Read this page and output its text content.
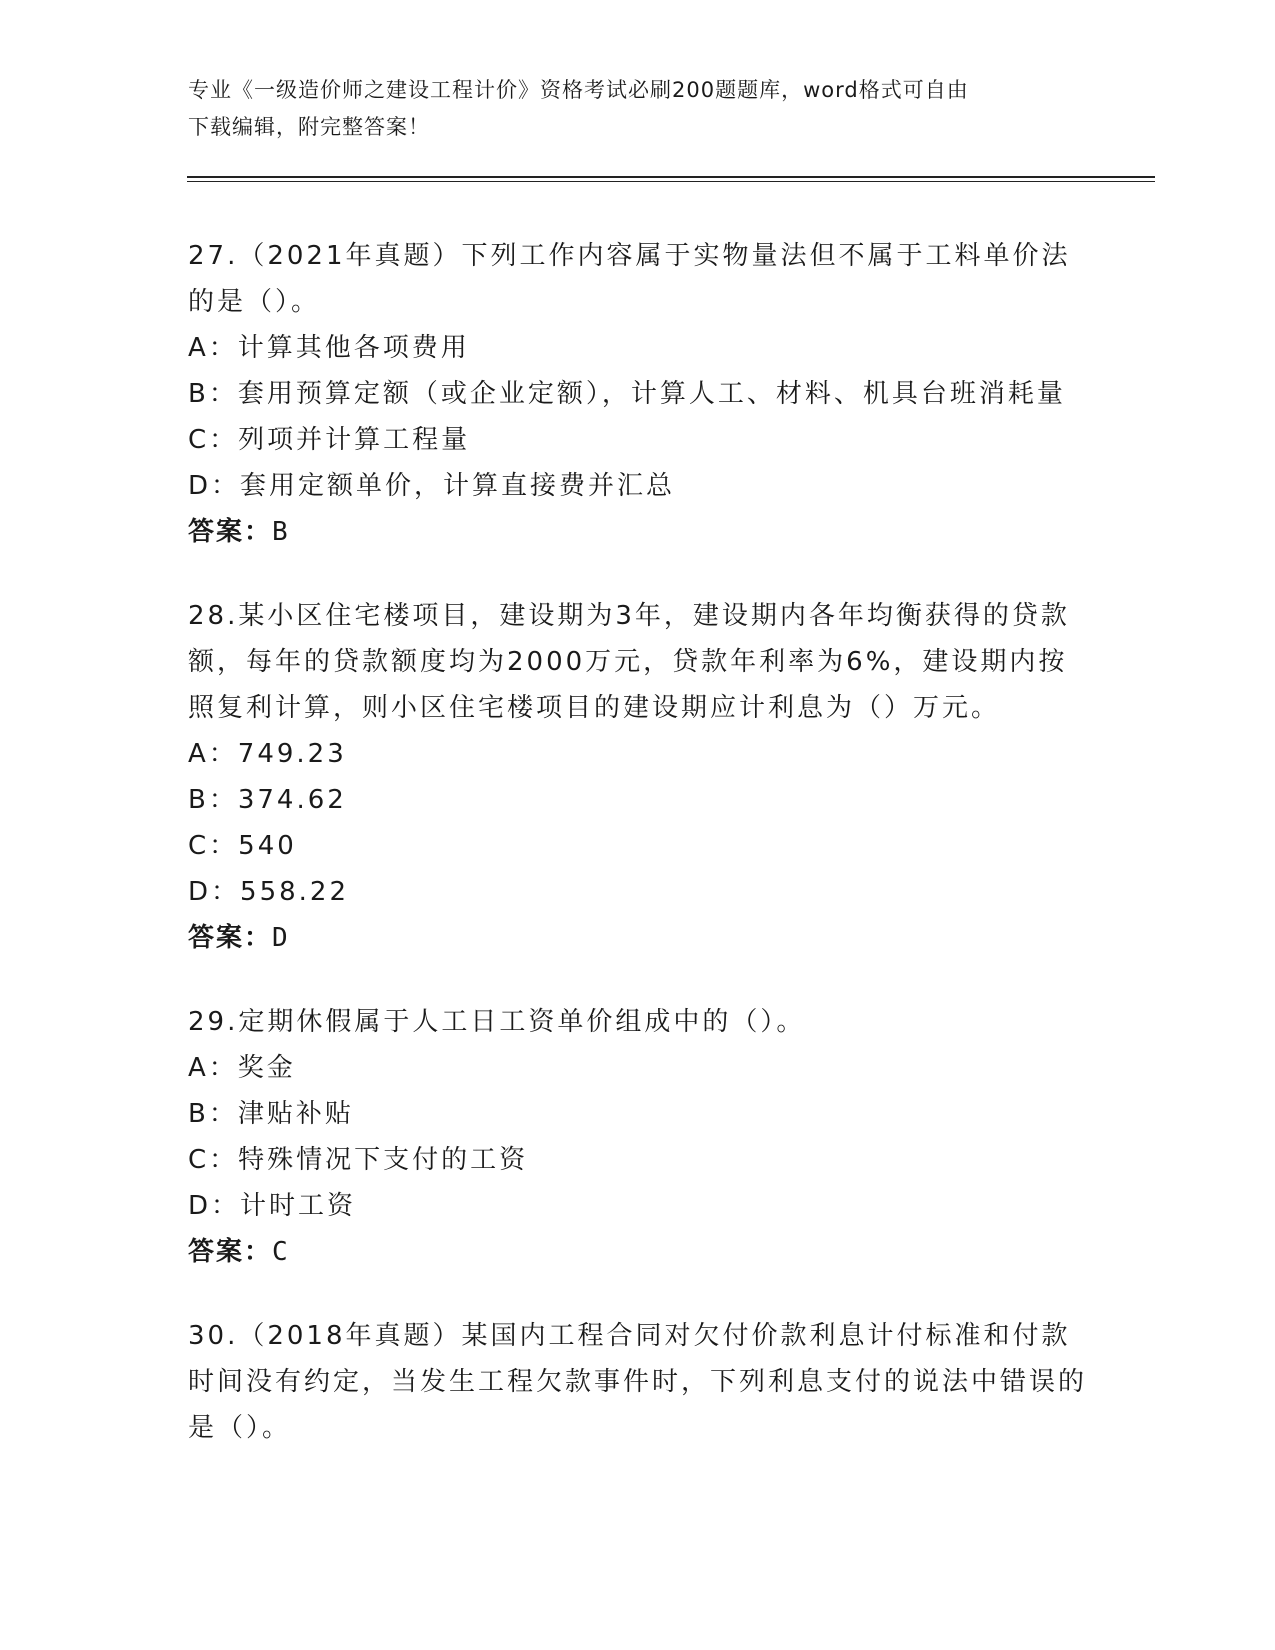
专业《一级造价师之建设工程计价》资格考试必刷200题题库，word格式可自由
下载编辑，附完整答案！

27.（2021年真题）下列工作内容属于实物量法但不属于工料单价法的是（）。

A：计算其他各项费用

B：套用预算定额（或企业定额），计算人工、材料、机具台班消耗量

C：列项并计算工程量

D：套用定额单价，计算直接费并汇总

答案：B

28.某小区住宅楼项目，建设期为3年，建设期内各年均衡获得的贷款额，每年的贷款额度均为2000万元，贷款年利率为6%，建设期内按照复利计算，则小区住宅楼项目的建设期应计利息为（）万元。

A：749.23

B：374.62

C：540

D：558.22

答案：D

29.定期休假属于人工日工资单价组成中的（）。

A：奖金

B：津贴补贴

C：特殊情况下支付的工资

D：计时工资

答案：C

30.（2018年真题）某国内工程合同对欠付价款利息计付标准和付款时间没有约定，当发生工程欠款事件时，下列利息支付的说法中错误的是（）。
